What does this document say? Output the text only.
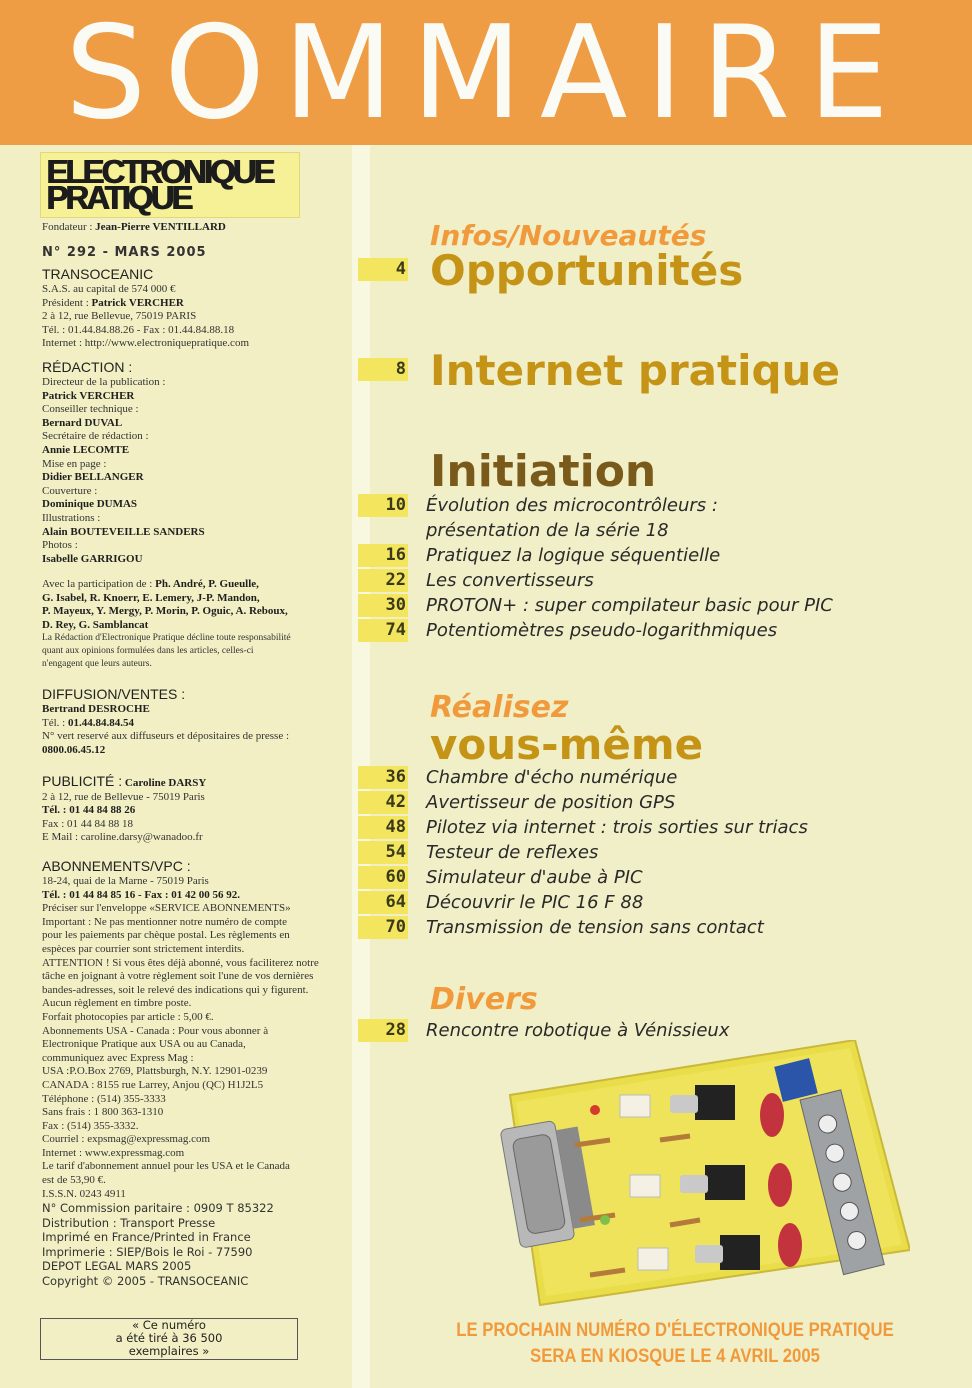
SOMMAIRE
ELECTRONIQUE
PRATIQUE
Fondateur : Jean-Pierre VENTILLARD
N° 292 - MARS 2005
TRANSOCEANIC
S.A.S. au capital de 574 000 €
Président : Patrick VERCHER
2 à 12, rue Bellevue, 75019 PARIS
Tél. : 01.44.84.88.26 - Fax : 01.44.84.88.18
Internet : http://www.electroniquepratique.com
RÉDACTION :
Directeur de la publication :
Patrick VERCHER
Conseiller technique :
Bernard DUVAL
Secrétaire de rédaction :
Annie LECOMTE
Mise en page :
Didier BELLANGER
Couverture :
Dominique DUMAS
Illustrations :
Alain BOUTEVEILLE SANDERS
Photos :
Isabelle GARRIGOU
Avec la participation de : Ph. André, P. Gueulle,
G. Isabel, R. Knoerr, E. Lemery, J-P. Mandon,
P. Mayeux, Y. Mergy, P. Morin, P. Oguic, A. Reboux,
D. Rey, G. Samblancat
La Rédaction d'Electronique Pratique décline toute responsabilité
quant aux opinions formulées dans les articles, celles-ci
n'engagent que leurs auteurs.
DIFFUSION/VENTES :
Bertrand DESROCHE
Tél. : 01.44.84.84.54
N° vert reservé aux diffuseurs et dépositaires de presse :
0800.06.45.12
PUBLICITÉ : Caroline DARSY
2 à 12, rue de Bellevue - 75019 Paris
Tél. : 01 44 84 88 26
Fax : 01 44 84 88 18
E Mail : caroline.darsy@wanadoo.fr
ABONNEMENTS/VPC :
18-24, quai de la Marne - 75019 Paris
Tél. : 01 44 84 85 16 - Fax : 01 42 00 56 92.
Préciser sur l'enveloppe «SERVICE ABONNEMENTS»
Important : Ne pas mentionner notre numéro de compte
pour les paiements par chèque postal. Les règlements en
espèces par courrier sont strictement interdits.
ATTENTION ! Si vous êtes déjà abonné, vous faciliterez notre
tâche en joignant à votre règlement soit l'une de vos dernières
bandes-adresses, soit le relevé des indications qui y figurent.
Aucun règlement en timbre poste.
Forfait photocopies par article : 5,00 €.
Abonnements USA - Canada : Pour vous abonner à
Electronique Pratique aux USA ou au Canada,
communiquez avec Express Mag :
USA :P.O.Box 2769, Plattsburgh, N.Y. 12901-0239
CANADA : 8155 rue Larrey, Anjou (QC) H1J2L5
Téléphone : (514) 355-3333
Sans frais : 1 800 363-1310
Fax : (514) 355-3332.
Courriel : expsmag@expressmag.com
Internet : www.expressmag.com
Le tarif d'abonnement annuel pour les USA et le Canada
est de 53,90 €.
I.S.S.N. 0243 4911
N° Commission paritaire : 0909 T 85322
Distribution : Transport Presse
Imprimé en France/Printed in France
Imprimerie : SIEP/Bois le Roi - 77590
DEPOT LEGAL MARS 2005
Copyright © 2005 - TRANSOCEANIC
« Ce numéro
a été tiré à 36 500
exemplaires »
Infos/Nouveautés
4 Opportunités
8 Internet pratique
Initiation
10 Évolution des microcontrôleurs :
présentation de la série 18
16 Pratiquez la logique séquentielle
22 Les convertisseurs
30 PROTON+ : super compilateur basic pour PIC
74 Potentiomètres pseudo-logarithmiques
Réalisez
vous-même
36 Chambre d'écho numérique
42 Avertisseur de position GPS
48 Pilotez via internet : trois sorties sur triacs
54 Testeur de reflexes
60 Simulateur d'aube à PIC
64 Découvrir le PIC 16 F 88
70 Transmission de tension sans contact
Divers
28 Rencontre robotique à Vénissieux
LE PROCHAIN NUMÉRO D'ÉLECTRONIQUE PRATIQUE
SERA EN KIOSQUE LE 4 AVRIL 2005
